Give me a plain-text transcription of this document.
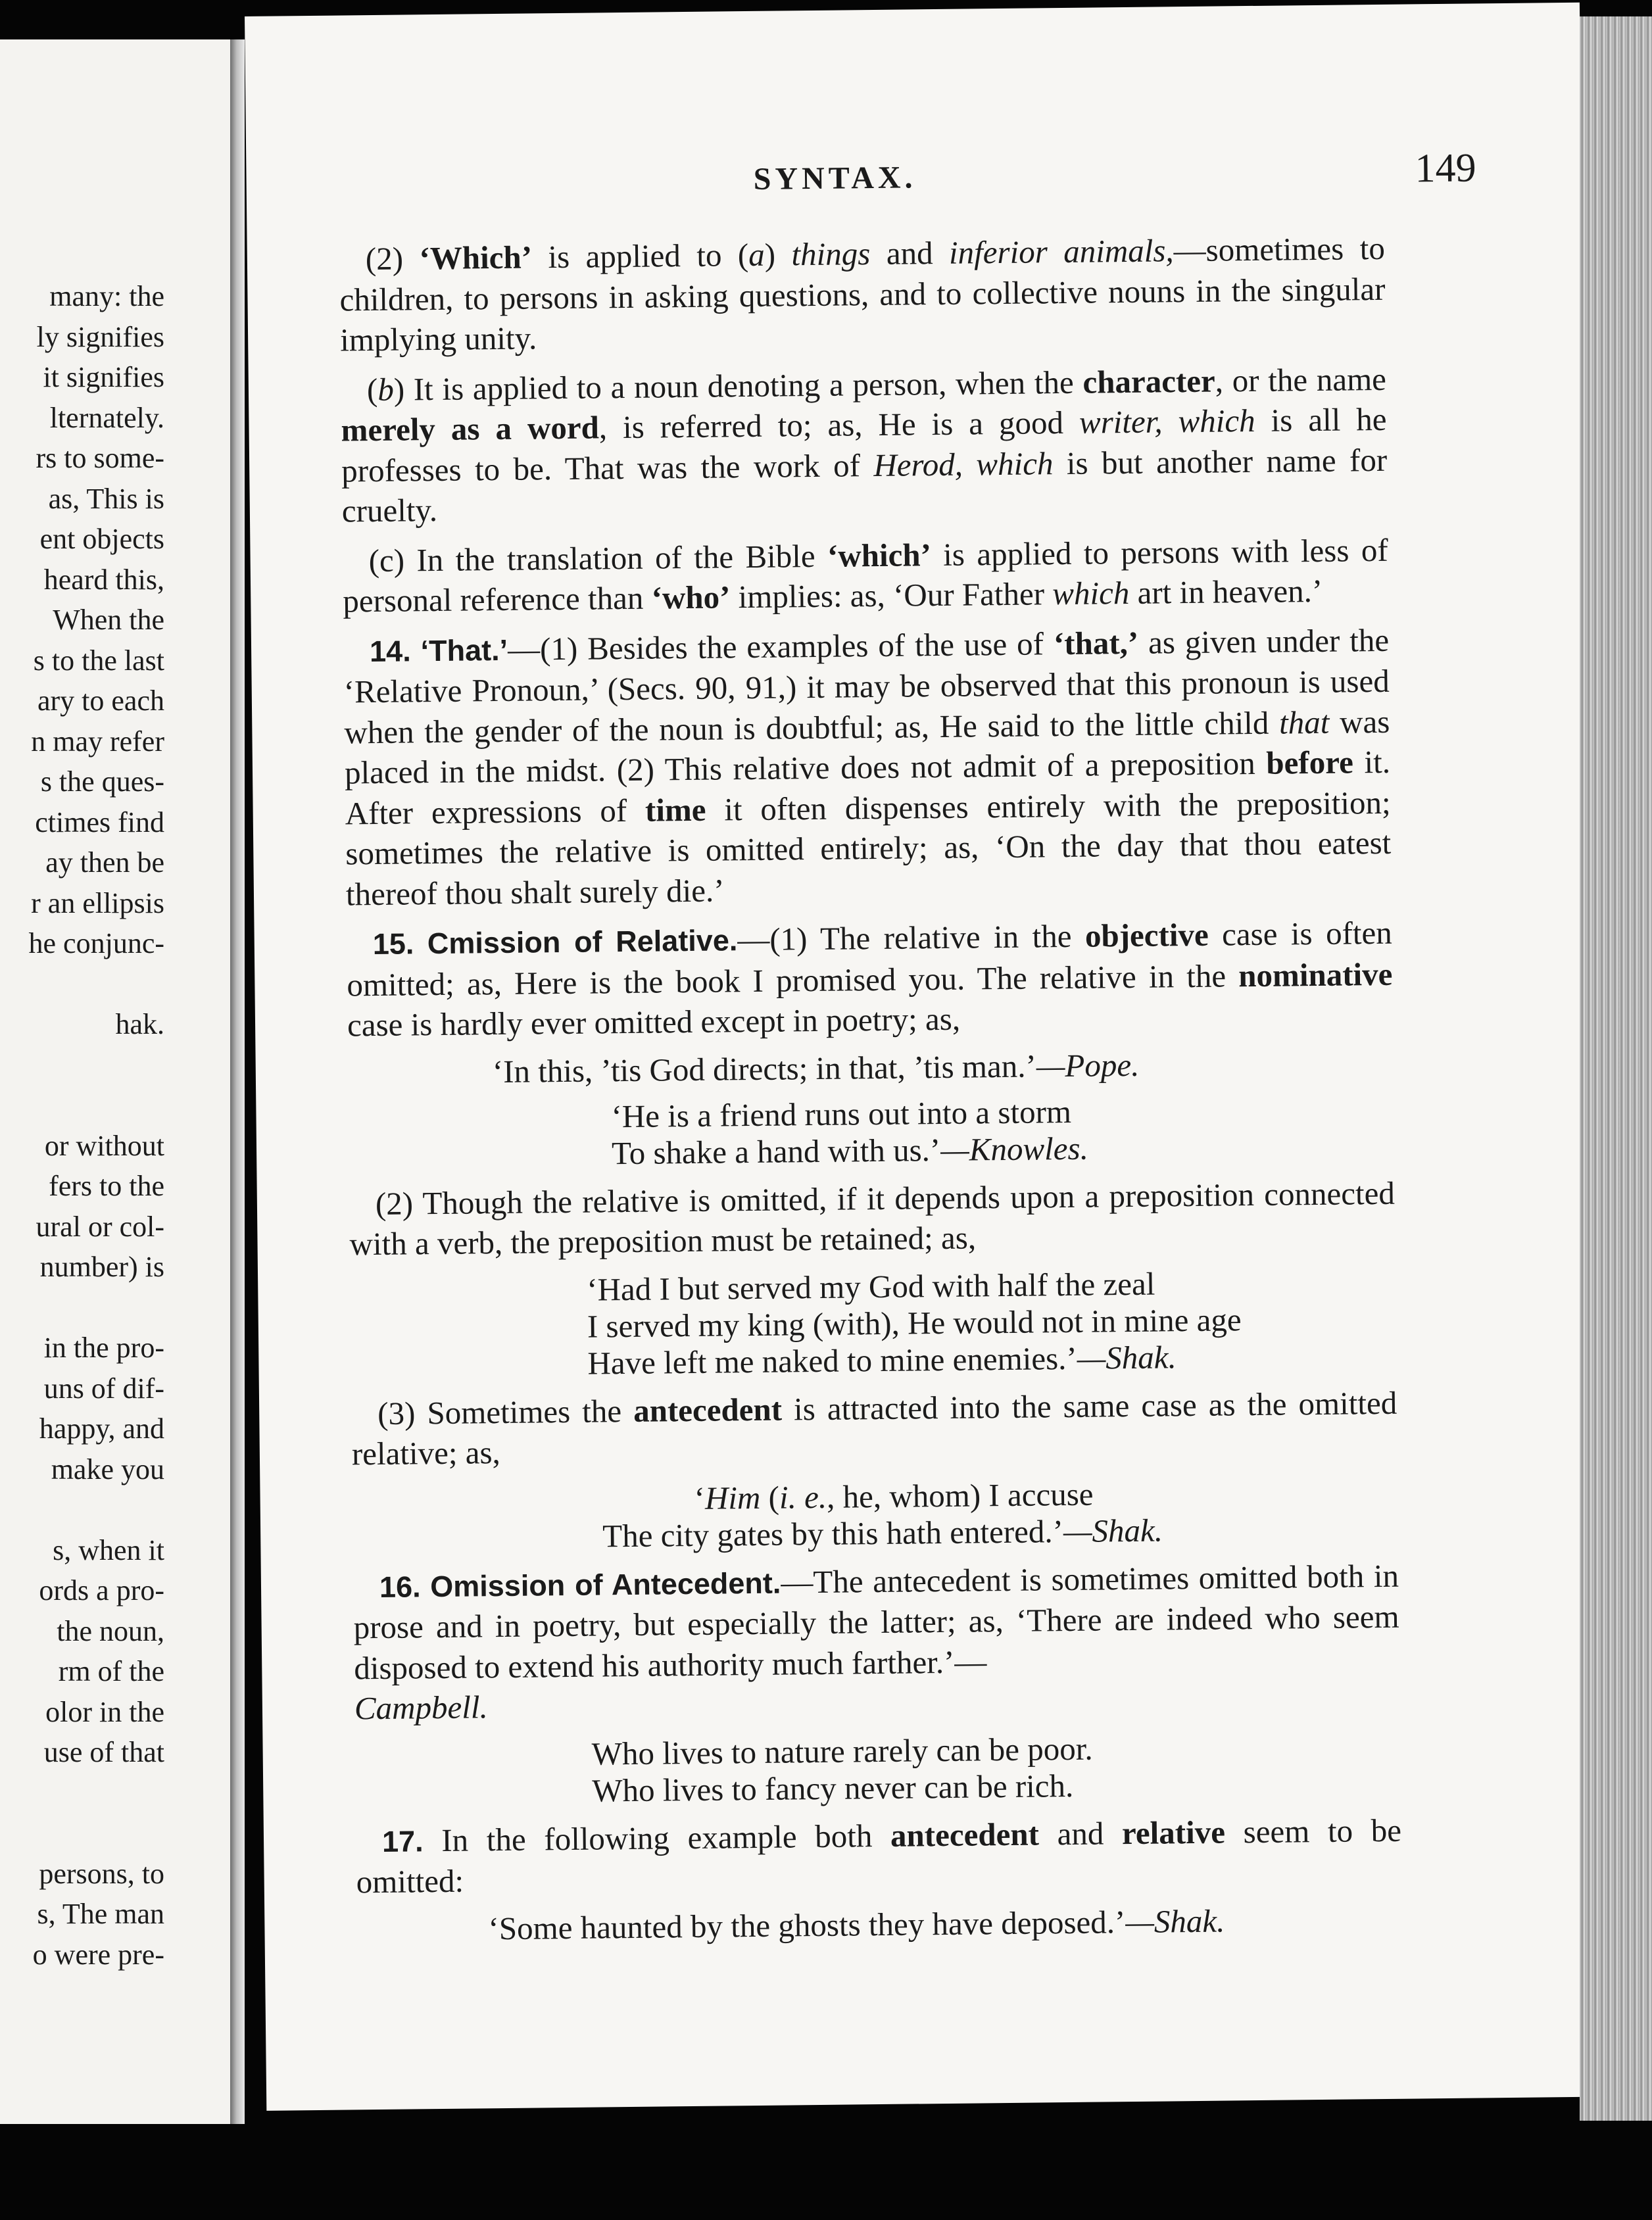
many: the
ly signifies
it signifies
lternately.
rs to some-
as, This is
ent objects
heard this,
When the
s to the last
ary to each
n may refer
s the ques-
ctimes find
ay then be
r an ellipsis
he conjunc-
hak.
or without
fers to the
ural or col-
number) is
in the pro-
uns of dif-
happy, and
make you
s, when it
ords a pro-
the noun,
rm of the
olor in the
use of that
persons, to
s, The man
o were pre-
SYNTAX.	149

(2) ‘Which’ is applied to (a) things and inferior animals,—sometimes to children, to persons in asking questions, and to collective nouns in the singular implying unity.

(b) It is applied to a noun denoting a person, when the character, or the name merely as a word, is referred to; as, He is a good writer, which is all he professes to be. That was the work of Herod, which is but another name for cruelty.

(c) In the translation of the Bible ‘which’ is applied to persons with less of personal reference than ‘who’ implies: as, ‘Our Father which art in heaven.’

14. ‘That.’—(1) Besides the examples of the use of ‘that,’ as given under the ‘Relative Pronoun,’ (Secs. 90, 91,) it may be observed that this pronoun is used when the gender of the noun is doubtful; as, He said to the little child that was placed in the midst. (2) This relative does not admit of a preposition before it. After expressions of time it often dispenses entirely with the preposition; sometimes the relative is omitted entirely; as, ‘On the day that thou eatest thereof thou shalt surely die.’

15. Cmission of Relative.—(1) The relative in the objective case is often omitted; as, Here is the book I promised you. The relative in the nominative case is hardly ever omitted except in poetry; as,

‘In this, ’tis God directs; in that, ’tis man.’—Pope.
‘He is a friend runs out into a storm
To shake a hand with us.’—Knowles.

(2) Though the relative is omitted, if it depends upon a preposition connected with a verb, the preposition must be retained; as,

‘Had I but served my God with half the zeal
I served my king (with), He would not in mine age
Have left me naked to mine enemies.’—Shak.

(3) Sometimes the antecedent is attracted into the same case as the omitted relative; as,

‘Him (i. e., he, whom) I accuse
The city gates by this hath entered.’—Shak.

16. Omission of Antecedent.—The antecedent is sometimes omitted both in prose and in poetry, but especially the latter; as, ‘There are indeed who seem disposed to extend his authority much farther.’—

Campbell.

Who lives to nature rarely can be poor.
Who lives to fancy never can be rich.

17. In the following example both antecedent and relative seem to be omitted:

‘Some haunted by the ghosts they have deposed.’—Shak.
